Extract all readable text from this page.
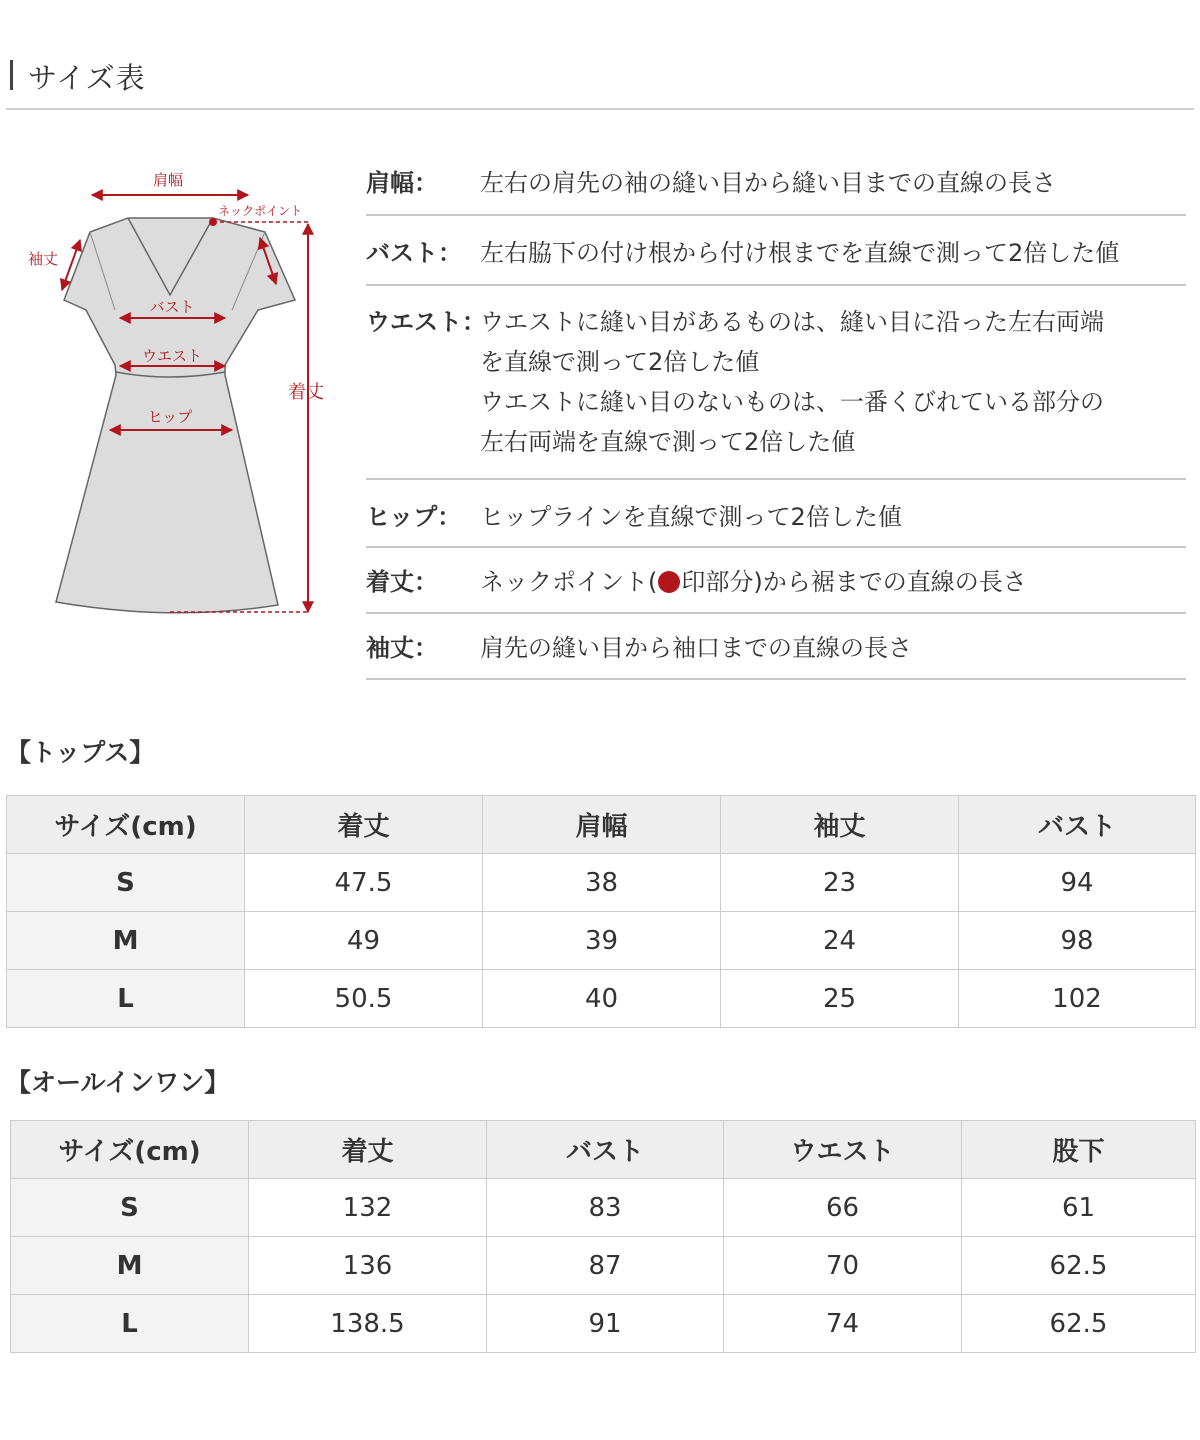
サイズ表
肩幅
ネックポイント
袖丈
バスト
ウエスト
ヒップ
着丈
肩幅：	左右の肩先の袖の縫い目から縫い目までの直線の長さ
バスト： 左右脇下の付け根から付け根までを直線で測って2倍した値
ウエスト：
ウエストに縫い目があるものは、縫い目に沿った左右両端
を直線で測って2倍した値
ウエストに縫い目のないものは、一番くびれている部分の
左右両端を直線で測って2倍した値
ヒップ： ヒップラインを直線で測って2倍した値
着丈：	ネックポイント( 印部分)から裾までの直線の長さ
袖丈：	肩先の縫い目から袖口までの直線の長さ
【トップス】
サイズ(cm)	着丈	肩幅	袖丈	バスト
S	47.5	38	23	94
M	49	39	24	98
L	50.5	40	25	102
【オールインワン】
サイズ(cm)	着丈	バスト	ウエスト	股下
S	132	83	66	61
M	136	87	70	62.5
L	138.5	91	74	62.5
